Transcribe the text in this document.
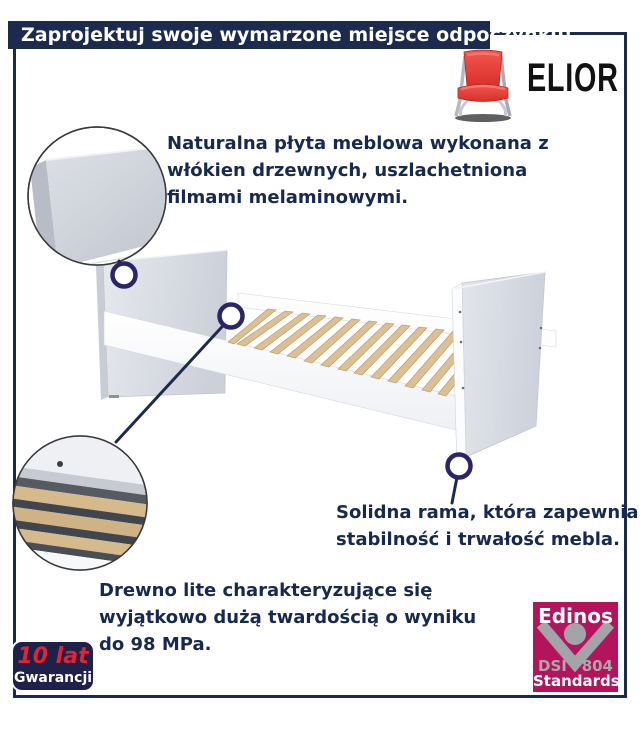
Zaprojektuj swoje wymarzone miejsce odpoczynku!
ELIOR
Naturalna płyta meblowa wykonana z
włókien drzewnych, uszlachetniona
filmami melaminowymi.
Solidna rama, która zapewnia
stabilność i trwałość mebla.
Drewno lite charakteryzujące się
wyjątkowo dużą twardością o wyniku
do 98 MPa.
10 lat
Gwarancji
Edinos
DSI 804
Standards
